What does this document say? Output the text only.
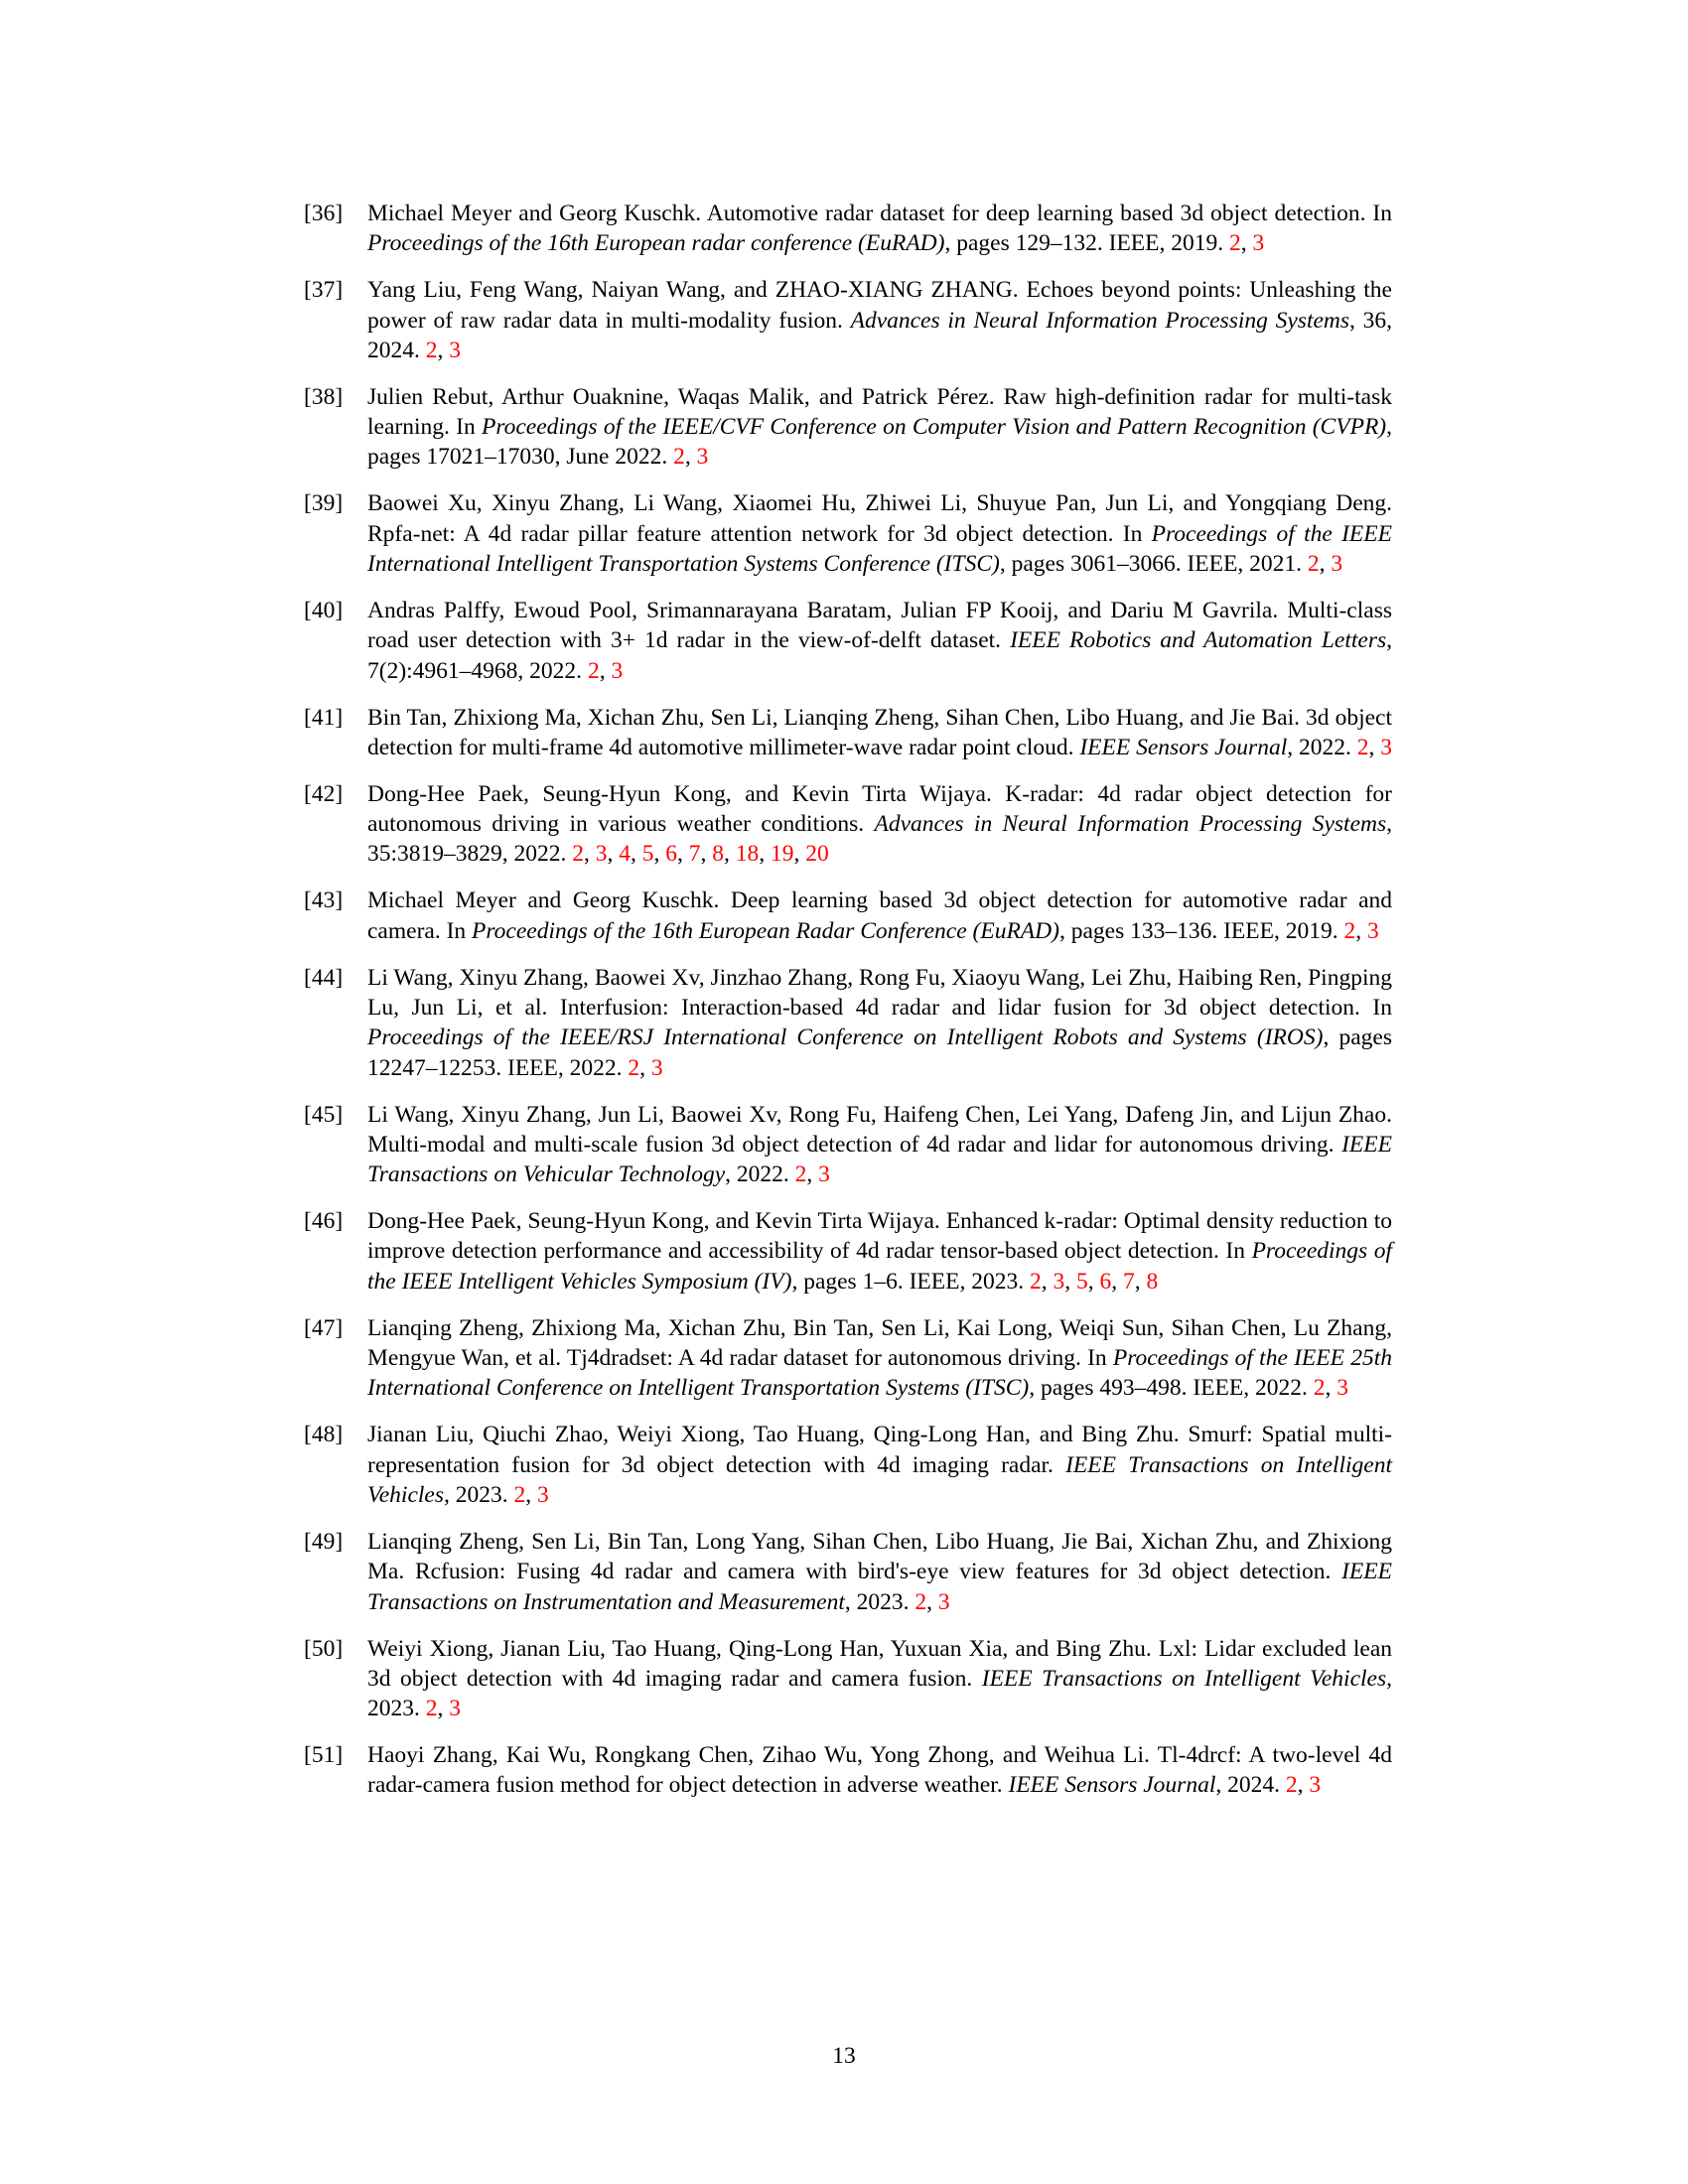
[36] Michael Meyer and Georg Kuschk. Automotive radar dataset for deep learning based 3d object detection. In Proceedings of the 16th European radar conference (EuRAD), pages 129–132. IEEE, 2019. 2, 3
[37] Yang Liu, Feng Wang, Naiyan Wang, and ZHAO-XIANG ZHANG. Echoes beyond points: Unleashing the power of raw radar data in multi-modality fusion. Advances in Neural Information Processing Systems, 36, 2024. 2, 3
[38] Julien Rebut, Arthur Ouaknine, Waqas Malik, and Patrick Pérez. Raw high-definition radar for multi-task learning. In Proceedings of the IEEE/CVF Conference on Computer Vision and Pattern Recognition (CVPR), pages 17021–17030, June 2022. 2, 3
[39] Baowei Xu, Xinyu Zhang, Li Wang, Xiaomei Hu, Zhiwei Li, Shuyue Pan, Jun Li, and Yongqiang Deng. Rpfa-net: A 4d radar pillar feature attention network for 3d object detection. In Proceedings of the IEEE International Intelligent Transportation Systems Conference (ITSC), pages 3061–3066. IEEE, 2021. 2, 3
[40] Andras Palffy, Ewoud Pool, Srimannarayana Baratam, Julian FP Kooij, and Dariu M Gavrila. Multi-class road user detection with 3+ 1d radar in the view-of-delft dataset. IEEE Robotics and Automation Letters, 7(2):4961–4968, 2022. 2, 3
[41] Bin Tan, Zhixiong Ma, Xichan Zhu, Sen Li, Lianqing Zheng, Sihan Chen, Libo Huang, and Jie Bai. 3d object detection for multi-frame 4d automotive millimeter-wave radar point cloud. IEEE Sensors Journal, 2022. 2, 3
[42] Dong-Hee Paek, Seung-Hyun Kong, and Kevin Tirta Wijaya. K-radar: 4d radar object detection for autonomous driving in various weather conditions. Advances in Neural Information Processing Systems, 35:3819–3829, 2022. 2, 3, 4, 5, 6, 7, 8, 18, 19, 20
[43] Michael Meyer and Georg Kuschk. Deep learning based 3d object detection for automotive radar and camera. In Proceedings of the 16th European Radar Conference (EuRAD), pages 133–136. IEEE, 2019. 2, 3
[44] Li Wang, Xinyu Zhang, Baowei Xv, Jinzhao Zhang, Rong Fu, Xiaoyu Wang, Lei Zhu, Haibing Ren, Pingping Lu, Jun Li, et al. Interfusion: Interaction-based 4d radar and lidar fusion for 3d object detection. In Proceedings of the IEEE/RSJ International Conference on Intelligent Robots and Systems (IROS), pages 12247–12253. IEEE, 2022. 2, 3
[45] Li Wang, Xinyu Zhang, Jun Li, Baowei Xv, Rong Fu, Haifeng Chen, Lei Yang, Dafeng Jin, and Lijun Zhao. Multi-modal and multi-scale fusion 3d object detection of 4d radar and lidar for autonomous driving. IEEE Transactions on Vehicular Technology, 2022. 2, 3
[46] Dong-Hee Paek, Seung-Hyun Kong, and Kevin Tirta Wijaya. Enhanced k-radar: Optimal density reduction to improve detection performance and accessibility of 4d radar tensor-based object detection. In Proceedings of the IEEE Intelligent Vehicles Symposium (IV), pages 1–6. IEEE, 2023. 2, 3, 5, 6, 7, 8
[47] Lianqing Zheng, Zhixiong Ma, Xichan Zhu, Bin Tan, Sen Li, Kai Long, Weiqi Sun, Sihan Chen, Lu Zhang, Mengyue Wan, et al. Tj4dradset: A 4d radar dataset for autonomous driving. In Proceedings of the IEEE 25th International Conference on Intelligent Transportation Systems (ITSC), pages 493–498. IEEE, 2022. 2, 3
[48] Jianan Liu, Qiuchi Zhao, Weiyi Xiong, Tao Huang, Qing-Long Han, and Bing Zhu. Smurf: Spatial multi-representation fusion for 3d object detection with 4d imaging radar. IEEE Transactions on Intelligent Vehicles, 2023. 2, 3
[49] Lianqing Zheng, Sen Li, Bin Tan, Long Yang, Sihan Chen, Libo Huang, Jie Bai, Xichan Zhu, and Zhixiong Ma. Rcfusion: Fusing 4d radar and camera with bird's-eye view features for 3d object detection. IEEE Transactions on Instrumentation and Measurement, 2023. 2, 3
[50] Weiyi Xiong, Jianan Liu, Tao Huang, Qing-Long Han, Yuxuan Xia, and Bing Zhu. Lxl: Lidar excluded lean 3d object detection with 4d imaging radar and camera fusion. IEEE Transactions on Intelligent Vehicles, 2023. 2, 3
[51] Haoyi Zhang, Kai Wu, Rongkang Chen, Zihao Wu, Yong Zhong, and Weihua Li. Tl-4drcf: A two-level 4d radar-camera fusion method for object detection in adverse weather. IEEE Sensors Journal, 2024. 2, 3
13
